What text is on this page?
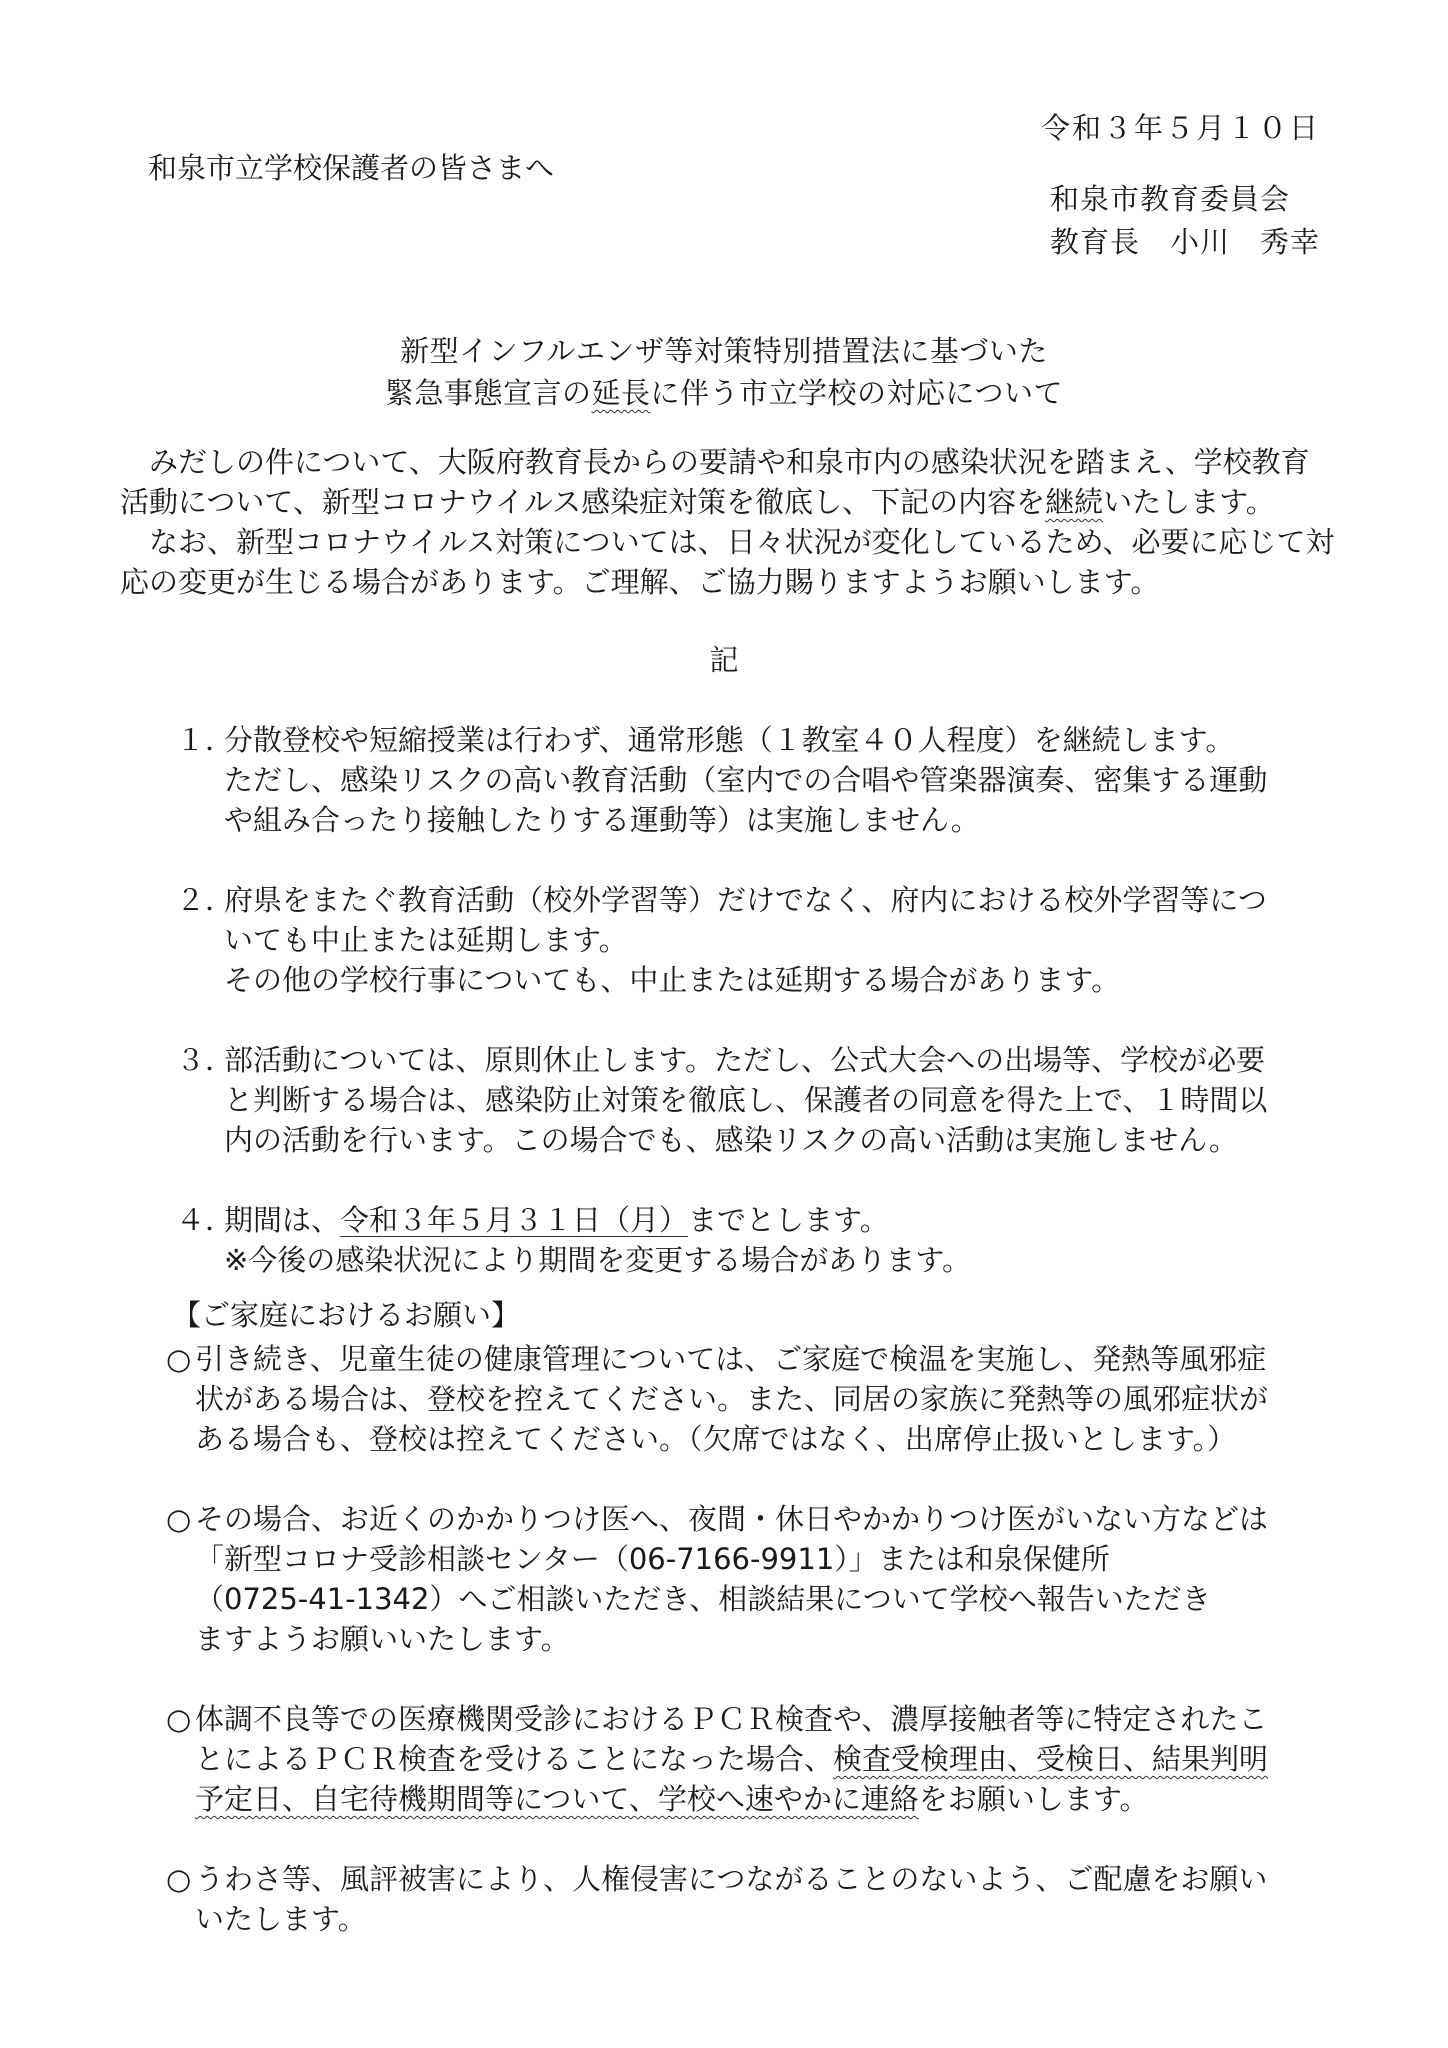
令和３年５月１０日
和泉市立学校保護者の皆さまへ
和泉市教育委員会
教育長　小川　秀幸
新型インフルエンザ等対策特別措置法に基づいた
緊急事態宣言の延長に伴う市立学校の対応について

みだしの件について、大阪府教育長からの要請や和泉市内の感染状況を踏まえ、学校教育活動について、新型コロナウイルス感染症対策を徹底し、下記の内容を継続いたします。

なお、新型コロナウイルス対策については、日々状況が変化しているため、必要に応じて対応の変更が生じる場合があります。ご理解、ご協力賜りますようお願いします。

記
１．
分散登校や短縮授業は行わず、通常形態（１教室４０人程度）を継続します。
ただし、感染リスクの高い教育活動（室内での合唱や管楽器演奏、密集する運動
や組み合ったり接触したりする運動等）は実施しません。
２．
府県をまたぐ教育活動（校外学習等）だけでなく、府内における校外学習等につ
いても中止または延期します。
その他の学校行事についても、中止または延期する場合があります。
３．
部活動については、原則休止します。ただし、公式大会への出場等、学校が必要
と判断する場合は、感染防止対策を徹底し、保護者の同意を得た上で、１時間以
内の活動を行います。この場合でも、感染リスクの高い活動は実施しません。
４．
期間は、令和３年５月３１日（月）までとします。
※今後の感染状況により期間を変更する場合があります。
【ご家庭におけるお願い】
○ 引き続き、児童生徒の健康管理については、ご家庭で検温を実施し、発熱等風邪症
状がある場合は、登校を控えてください。また、同居の家族に発熱等の風邪症状が
ある場合も、登校は控えてください。（欠席ではなく、出席停止扱いとします。）
○ その場合、お近くのかかりつけ医へ、夜間・休日やかかりつけ医がいない方などは
「新型コロナ受診相談センター（06-7166-9911）」または和泉保健所
（0725-41-1342）へご相談いただき、相談結果について学校へ報告いただき
ますようお願いいたします。
○ 体調不良等での医療機関受診におけるＰＣＲ検査や、濃厚接触者等に特定されたこ
とによるＰＣＲ検査を受けることになった場合、検査受検理由、受検日、結果判明
予定日、自宅待機期間等について、学校へ速やかに連絡をお願いします。
○ うわさ等、風評被害により、人権侵害につながることのないよう、ご配慮をお願い
いたします。
